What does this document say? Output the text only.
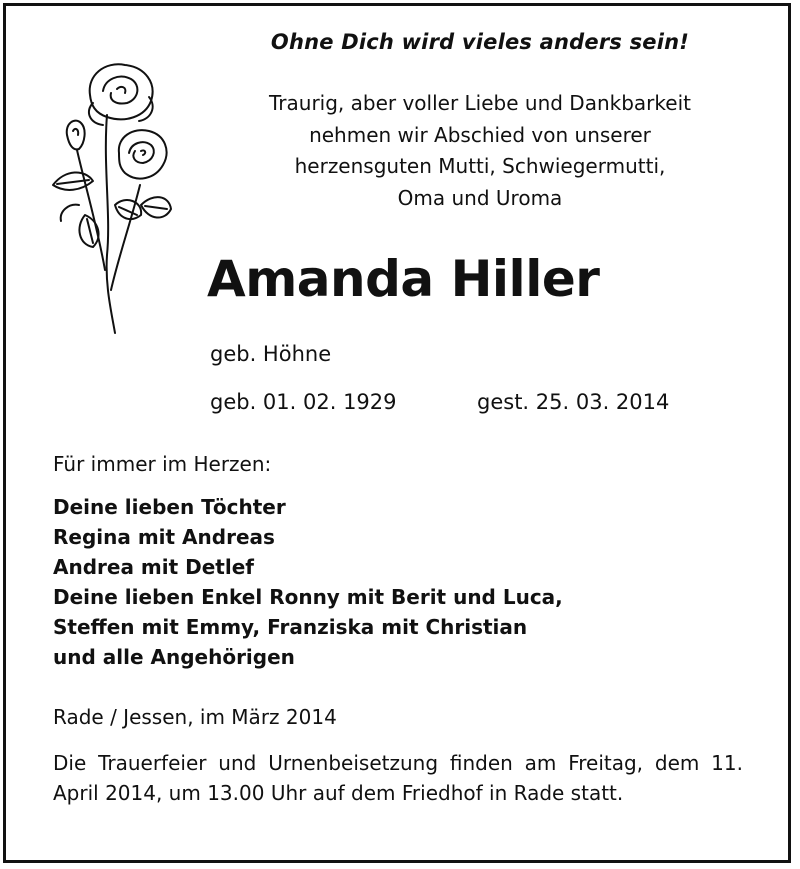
Ohne Dich wird vieles anders sein!
Traurig, aber voller Liebe und Dankbarkeit
nehmen wir Abschied von unserer
herzensguten Mutti, Schwiegermutti,
Oma und Uroma
Amanda Hiller
geb. Höhne
geb. 01. 02. 1929	gest. 25. 03. 2014
Für immer im Herzen:
Deine lieben Töchter
Regina mit Andreas
Andrea mit Detlef
Deine lieben Enkel Ronny mit Berit und Luca,
Steffen mit Emmy, Franziska mit Christian
und alle Angehörigen
Rade / Jessen, im März 2014
Die Trauerfeier und Urnenbeisetzung finden am Freitag, dem 11. April 2014, um 13.00 Uhr auf dem Friedhof in Rade statt.
